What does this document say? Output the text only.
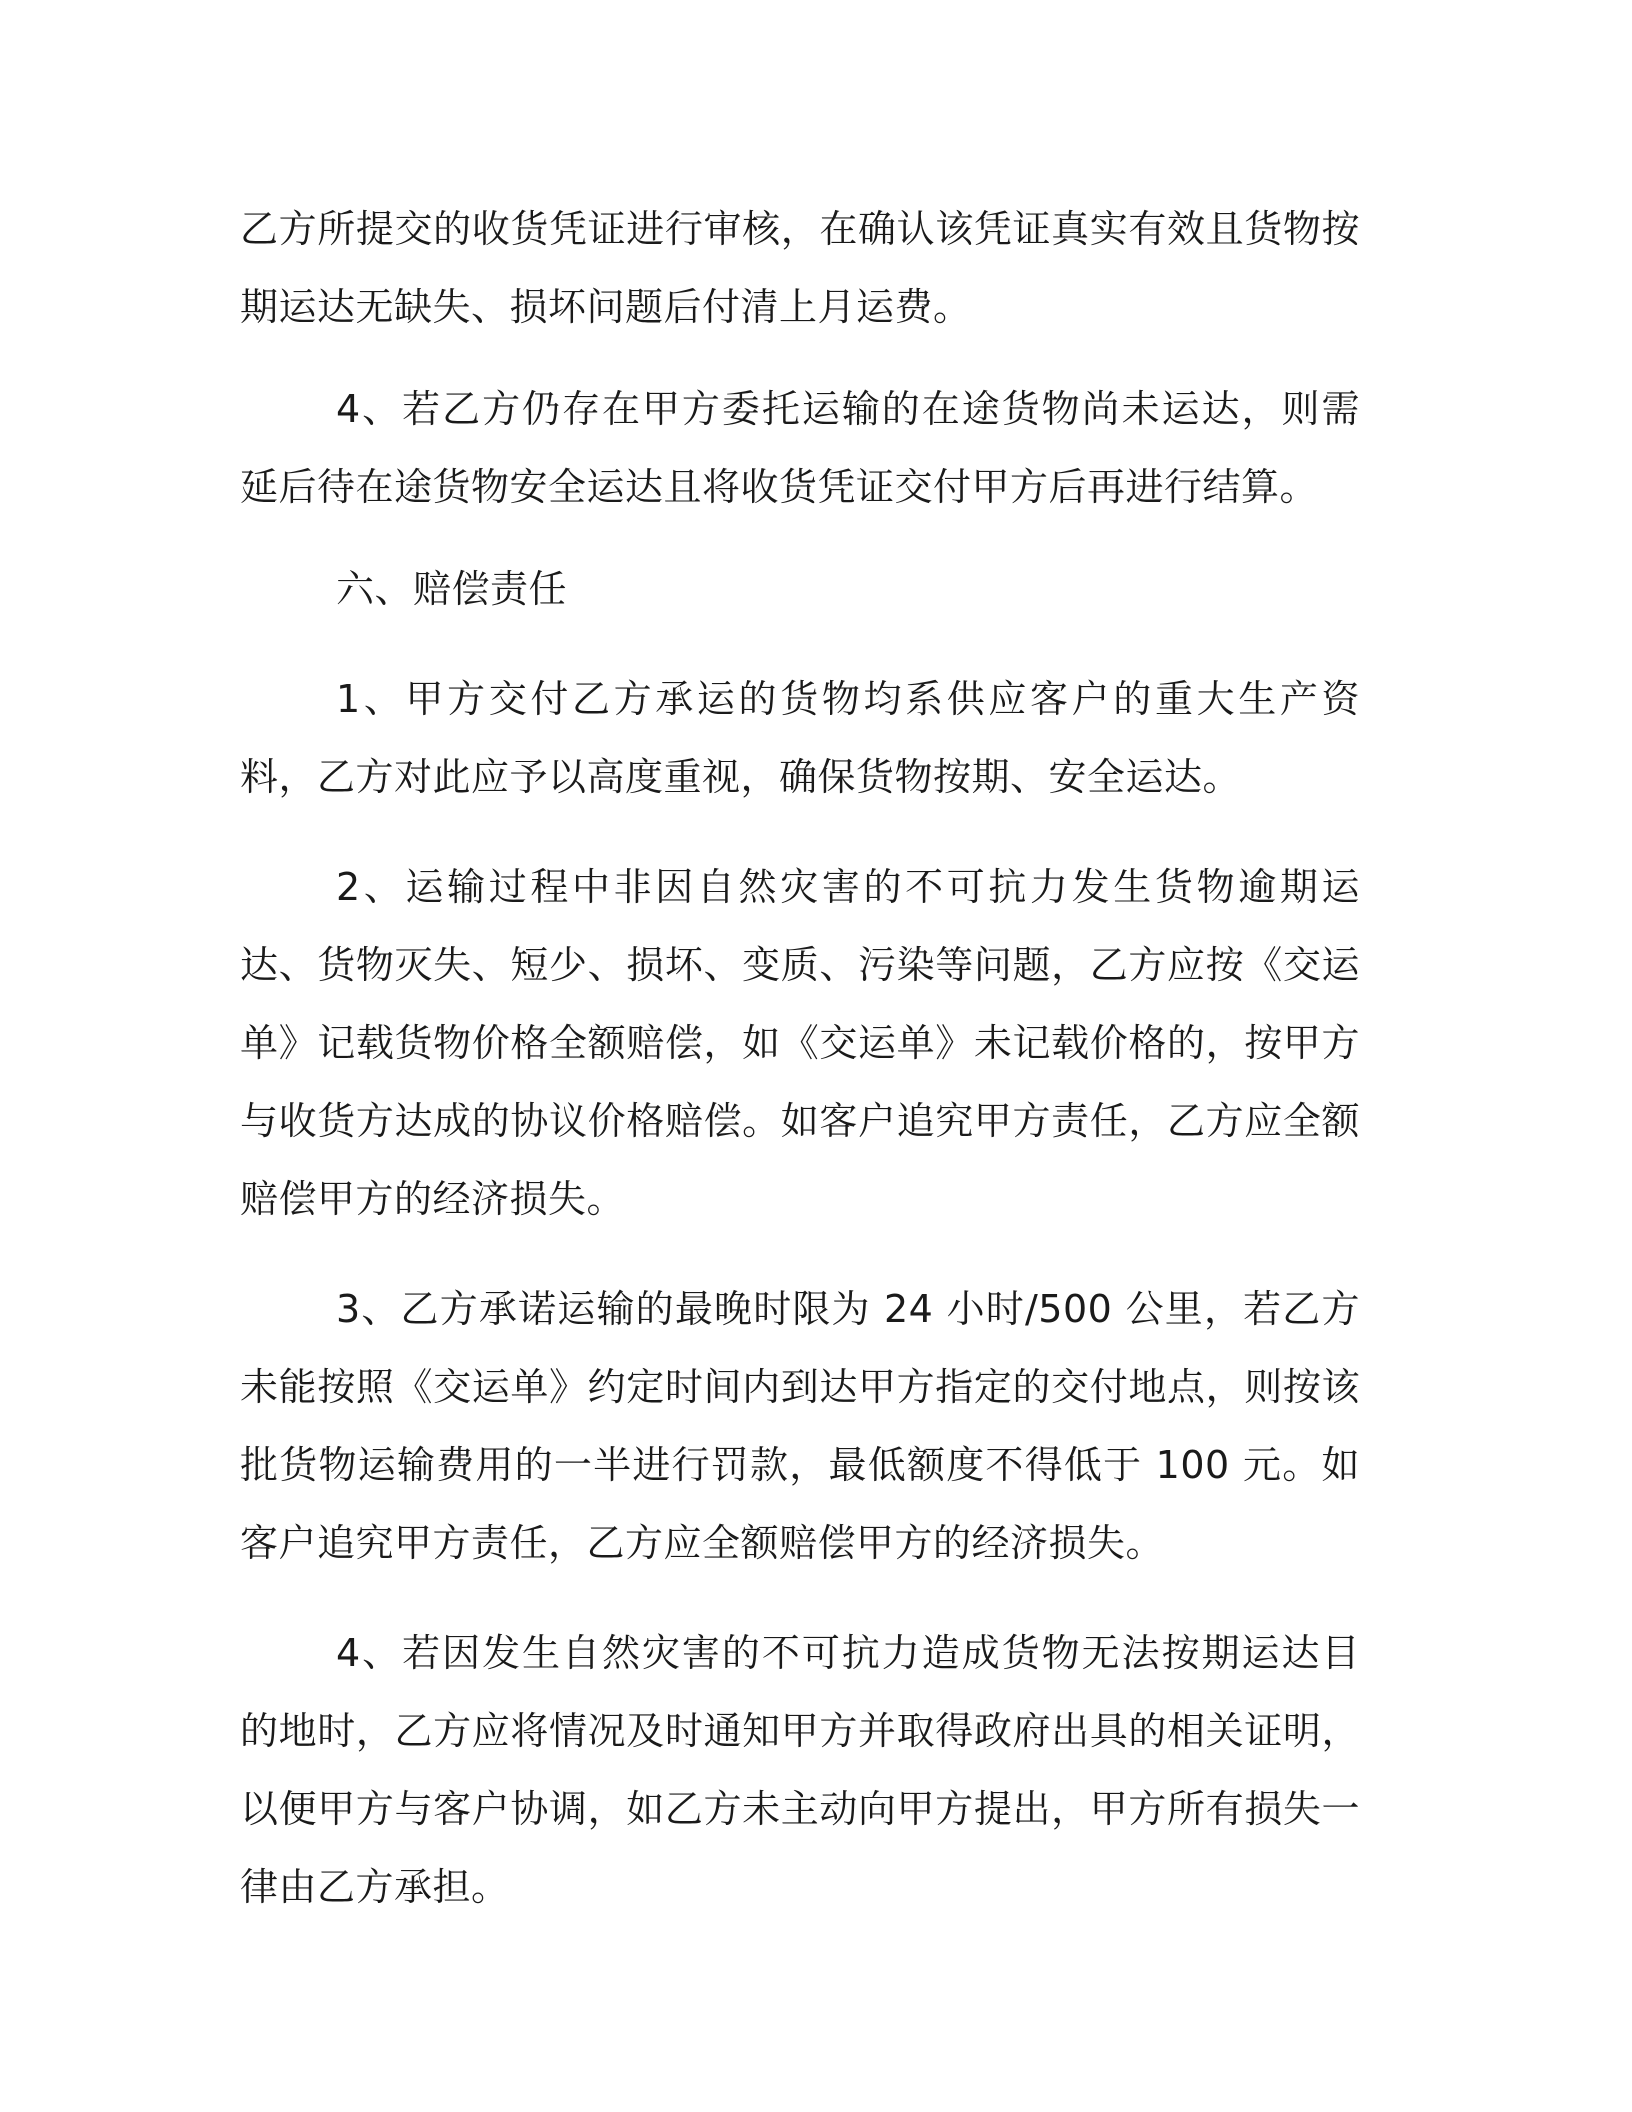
乙方所提交的收货凭证进行审核，在确认该凭证真实有效且货物按期运达无缺失、损坏问题后付清上月运费。

4、若乙方仍存在甲方委托运输的在途货物尚未运达，则需延后待在途货物安全运达且将收货凭证交付甲方后再进行结算。

六、赔偿责任

1、甲方交付乙方承运的货物均系供应客户的重大生产资料，乙方对此应予以高度重视，确保货物按期、安全运达。

2、运输过程中非因自然灾害的不可抗力发生货物逾期运达、货物灭失、短少、损坏、变质、污染等问题，乙方应按《交运单》记载货物价格全额赔偿，如《交运单》未记载价格的，按甲方与收货方达成的协议价格赔偿。如客户追究甲方责任，乙方应全额赔偿甲方的经济损失。

3、乙方承诺运输的最晚时限为 24 小时/500 公里，若乙方未能按照《交运单》约定时间内到达甲方指定的交付地点，则按该批货物运输费用的一半进行罚款，最低额度不得低于 100 元。如客户追究甲方责任，乙方应全额赔偿甲方的经济损失。

4、若因发生自然灾害的不可抗力造成货物无法按期运达目的地时，乙方应将情况及时通知甲方并取得政府出具的相关证明，以便甲方与客户协调，如乙方未主动向甲方提出，甲方所有损失一律由乙方承担。
